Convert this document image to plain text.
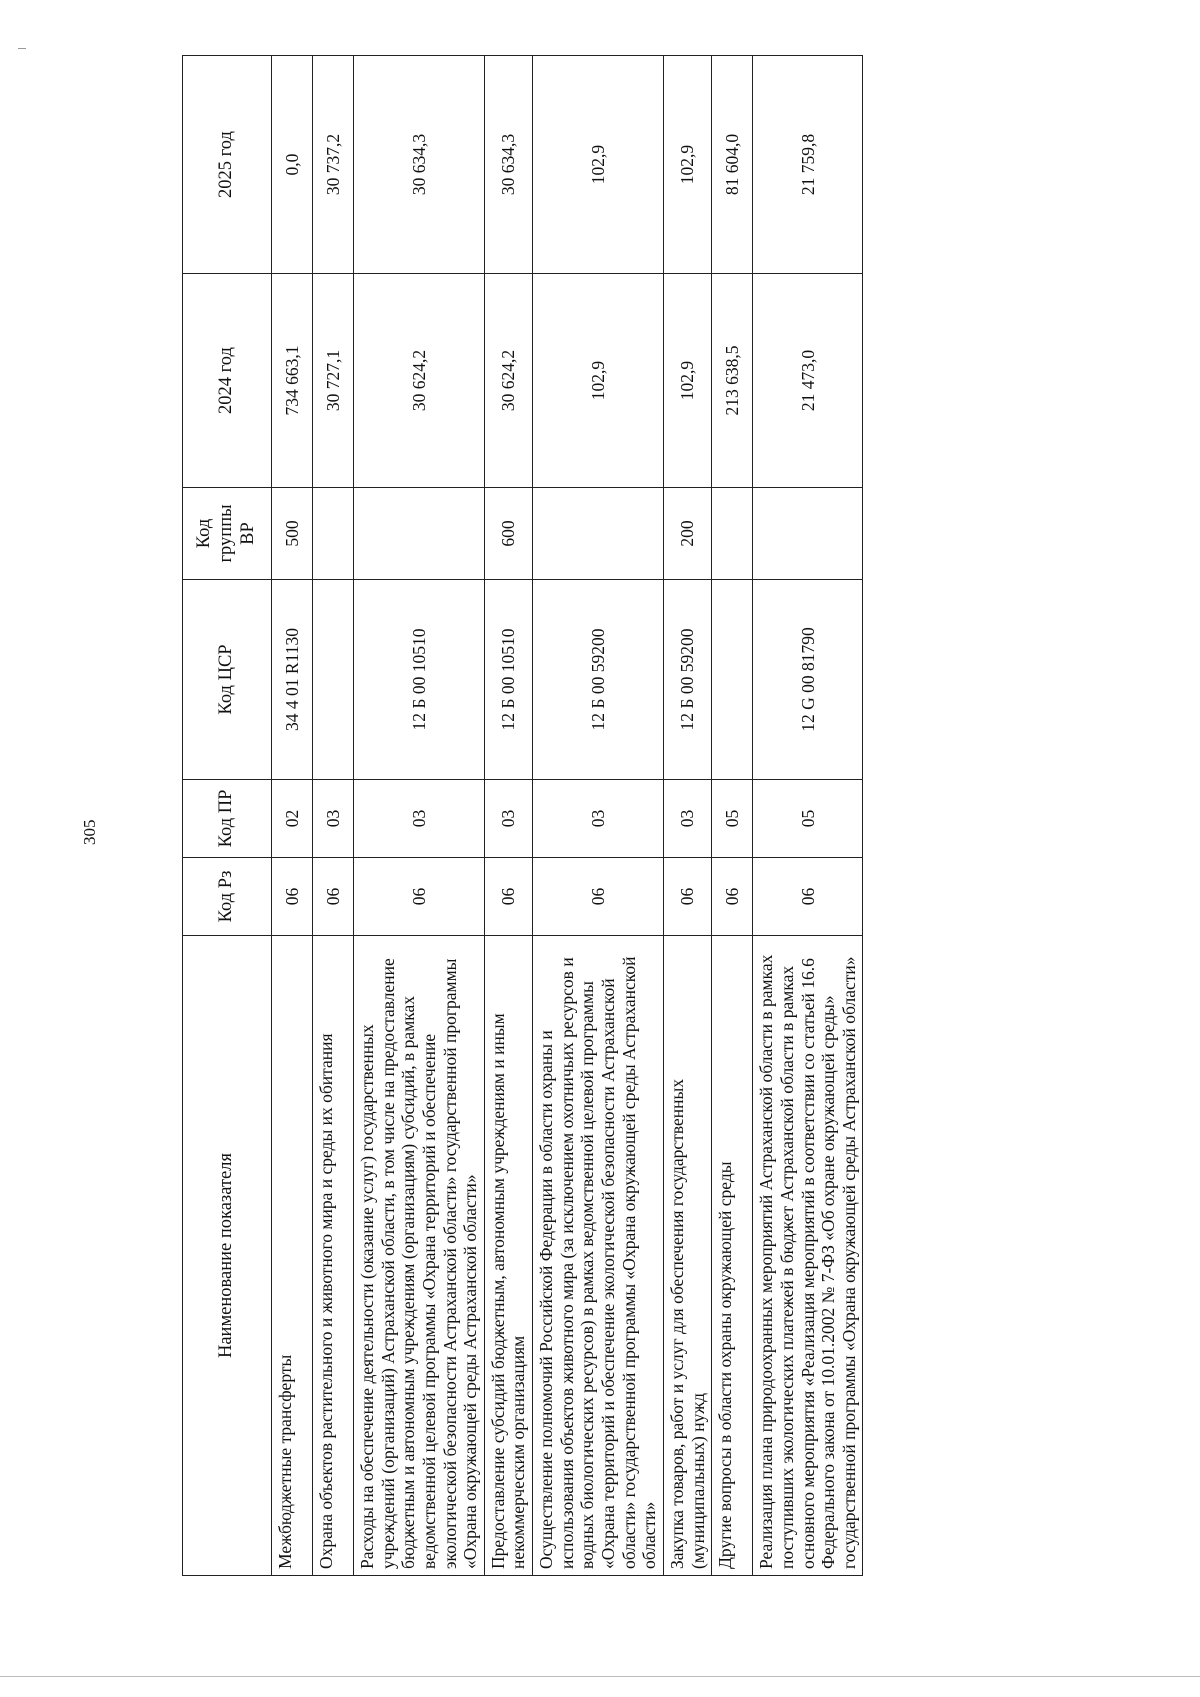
305
Наименование показателя	Код Рз	Код ПР	Код ЦСР	Код группы ВР	2024 год	2025 год
Межбюджетные трансферты	06	02	34 4 01 R1130	500	734 663,1	0,0
Охрана объектов растительного и животного мира и среды их обитания	06	03			30 727,1	30 737,2
Расходы на обеспечение деятельности (оказание услуг) государственных учреждений (организаций) Астраханской области, в том числе на предоставление бюджетным и автономным учреждениям (организациям) субсидий, в рамках ведомственной целевой программы «Охрана территорий и обеспечение экологической безопасности Астраханской области» государственной программы «Охрана окружающей среды Астраханской области»	06	03	12 Б 00 10510		30 624,2	30 634,3
Предоставление субсидий бюджетным, автономным учреждениям и иным некоммерческим организациям	06	03	12 Б 00 10510	600	30 624,2	30 634,3
Осуществление полномочий Российской Федерации в области охраны и использования объектов животного мира (за исключением охотничьих ресурсов и водных биологических ресурсов) в рамках ведомственной целевой программы «Охрана территорий и обеспечение экологической безопасности Астраханской области» государственной программы «Охрана окружающей среды Астраханской области»	06	03	12 Б 00 59200		102,9	102,9
Закупка товаров, работ и услуг для обеспечения государственных (муниципальных) нужд	06	03	12 Б 00 59200	200	102,9	102,9
Другие вопросы в области охраны окружающей среды	06	05			213 638,5	81 604,0
Реализация плана природоохранных мероприятий Астраханской области в рамках поступивших экологических платежей в бюджет Астраханской области в рамках основного мероприятия «Реализация мероприятий в соответствии со статьей 16.6 Федерального закона от 10.01.2002 № 7-ФЗ «Об охране окружающей среды» государственной программы «Охрана окружающей среды Астраханской области»	06	05	12 G 00 81790		21 473,0	21 759,8
